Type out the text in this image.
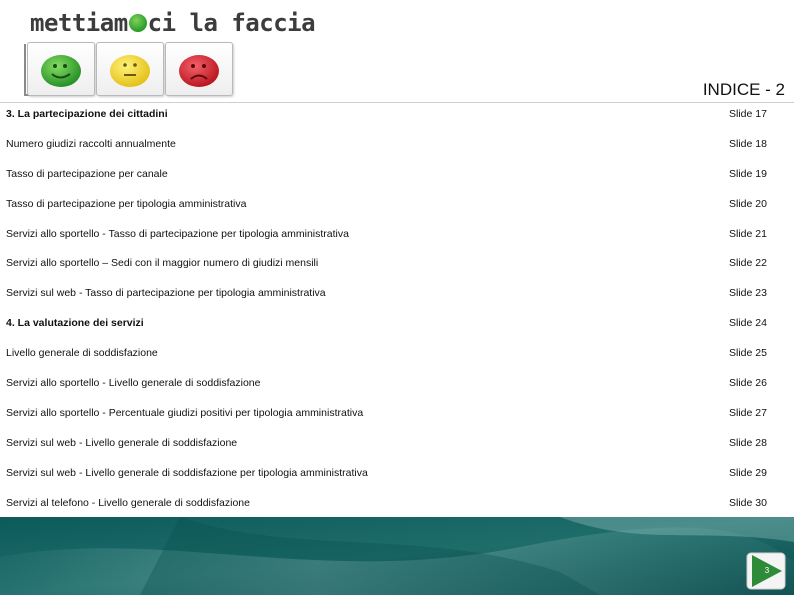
mettiam ci la faccia
INDICE - 2
3. La partecipazione dei cittadini	Slide 17
Numero giudizi raccolti annualmente	Slide 18
Tasso di partecipazione per canale	Slide 19
Tasso di partecipazione per tipologia amministrativa	Slide 20
Servizi allo sportello - Tasso di partecipazione per tipologia amministrativa	Slide 21
Servizi allo sportello – Sedi con il maggior numero di giudizi mensili	Slide 22
Servizi sul web - Tasso di partecipazione per tipologia amministrativa	Slide 23
4. La valutazione dei servizi	Slide 24
Livello generale di soddisfazione	Slide 25
Servizi allo sportello - Livello generale di soddisfazione	Slide 26
Servizi allo sportello - Percentuale giudizi positivi per tipologia amministrativa	Slide 27
Servizi sul web - Livello generale di soddisfazione	Slide 28
Servizi sul web - Livello generale di soddisfazione per tipologia amministrativa	Slide 29
Servizi al telefono - Livello generale di soddisfazione	Slide 30
3
